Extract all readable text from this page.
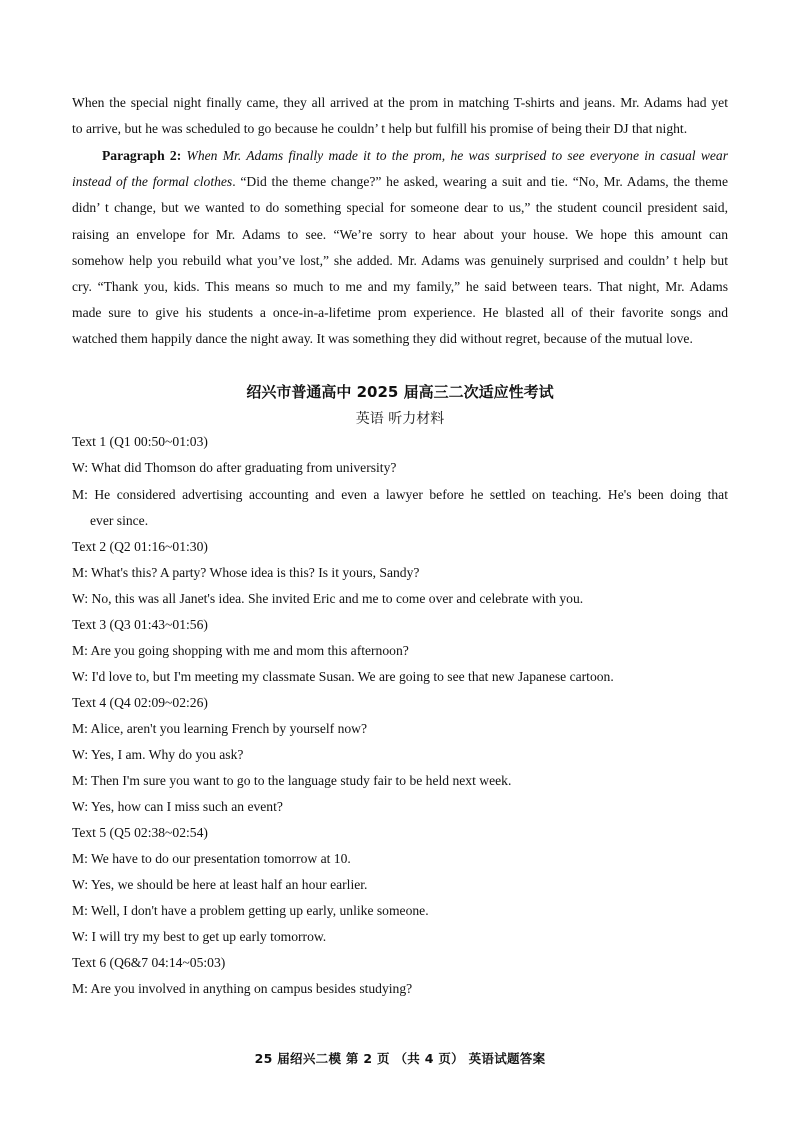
When the special night finally came, they all arrived at the prom in matching T-shirts and jeans. Mr. Adams had yet
to arrive, but he was scheduled to go because he couldn’ t help but fulfill his promise of being their DJ that night.
Paragraph 2: When Mr. Adams finally made it to the prom, he was surprised to see everyone in casual wear
instead of the formal clothes. “Did the theme change?” he asked, wearing a suit and tie. “No, Mr. Adams, the theme
didn’ t change, but we wanted to do something special for someone dear to us,” the student council president said,
raising an envelope for Mr. Adams to see. “We’re sorry to hear about your house. We hope this amount can
somehow help you rebuild what you’ve lost,” she added. Mr. Adams was genuinely surprised and couldn’ t help but
cry. “Thank you, kids. This means so much to me and my family,” he said between tears. That night, Mr. Adams
made sure to give his students a once-in-a-lifetime prom experience. He blasted all of their favorite songs and
watched them happily dance the night away. It was something they did without regret, because of the mutual love.
绍兴市普通高中 2025 届高三二次适应性考试
英语 听力材料
Text 1 (Q1 00:50~01:03)
W: What did Thomson do after graduating from university?
M: He considered advertising accounting and even a lawyer before he settled on teaching. He's been doing that
ever since.
Text 2 (Q2 01:16~01:30)
M: What's this? A party? Whose idea is this? Is it yours, Sandy?
W: No, this was all Janet's idea. She invited Eric and me to come over and celebrate with you.
Text 3 (Q3 01:43~01:56)
M: Are you going shopping with me and mom this afternoon?
W: I'd love to, but I'm meeting my classmate Susan. We are going to see that new Japanese cartoon.
Text 4 (Q4 02:09~02:26)
M: Alice, aren't you learning French by yourself now?
W: Yes, I am. Why do you ask?
M: Then I'm sure you want to go to the language study fair to be held next week.
W: Yes, how can I miss such an event?
Text 5 (Q5 02:38~02:54)
M: We have to do our presentation tomorrow at 10.
W: Yes, we should be here at least half an hour earlier.
M: Well, I don't have a problem getting up early, unlike someone.
W: I will try my best to get up early tomorrow.
Text 6 (Q6&7 04:14~05:03)
M: Are you involved in anything on campus besides studying?
25 届绍兴二模 第 2 页 （共 4 页） 英语试题答案
